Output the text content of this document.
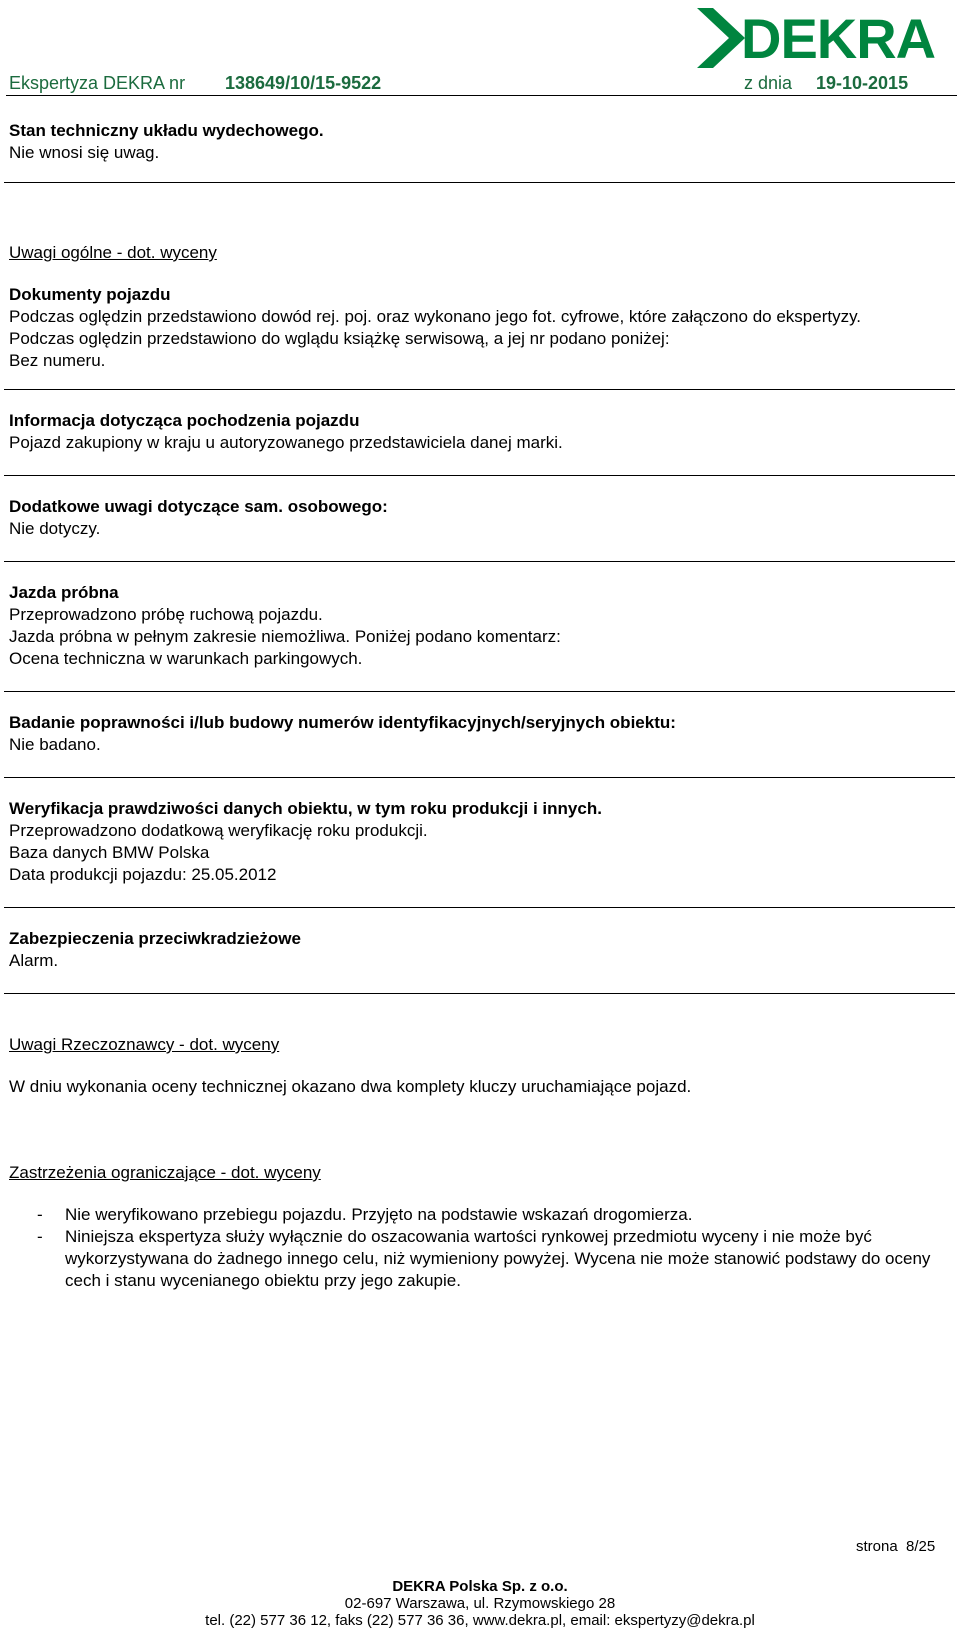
DEKRA
Ekspertyza DEKRA nr 138649/10/15-9522	z dnia 19-10-2015

Stan techniczny układu wydechowego.

Nie wnosi się uwag.

Uwagi ogólne - dot. wyceny

Dokumenty pojazdu

Podczas oględzin przedstawiono dowód rej. poj. oraz wykonano jego fot. cyfrowe, które załączono do ekspertyzy.

Podczas oględzin przedstawiono do wglądu książkę serwisową, a jej nr podano poniżej:

Bez numeru.

Informacja dotycząca pochodzenia pojazdu

Pojazd zakupiony w kraju u autoryzowanego przedstawiciela danej marki.

Dodatkowe uwagi dotyczące sam. osobowego:

Nie dotyczy.

Jazda próbna

Przeprowadzono próbę ruchową pojazdu.

Jazda próbna w pełnym zakresie niemożliwa. Poniżej podano komentarz:

Ocena techniczna w warunkach parkingowych.

Badanie poprawności i/lub budowy numerów identyfikacyjnych/seryjnych obiektu:

Nie badano.

Weryfikacja prawdziwości danych obiektu, w tym roku produkcji i innych.

Przeprowadzono dodatkową weryfikację roku produkcji.

Baza danych BMW Polska

Data produkcji pojazdu: 25.05.2012

Zabezpieczenia przeciwkradzieżowe

Alarm.

Uwagi Rzeczoznawcy - dot. wyceny

W dniu wykonania oceny technicznej okazano dwa komplety kluczy uruchamiające pojazd.

Zastrzeżenia ograniczające - dot. wyceny

- Nie weryfikowano przebiegu pojazdu. Przyjęto na podstawie wskazań drogomierza.
- Niniejsza ekspertyza służy wyłącznie do oszacowania wartości rynkowej przedmiotu wyceny i nie może być wykorzystywana do żadnego innego celu, niż wymieniony powyżej. Wycena nie może stanowić podstawy do oceny cech i stanu wycenianego obiektu przy jego zakupie.
strona 8/25
DEKRA Polska Sp. z o.o.
02-697 Warszawa, ul. Rzymowskiego 28
tel. (22) 577 36 12, faks (22) 577 36 36, www.dekra.pl, email: ekspertyzy@dekra.pl
